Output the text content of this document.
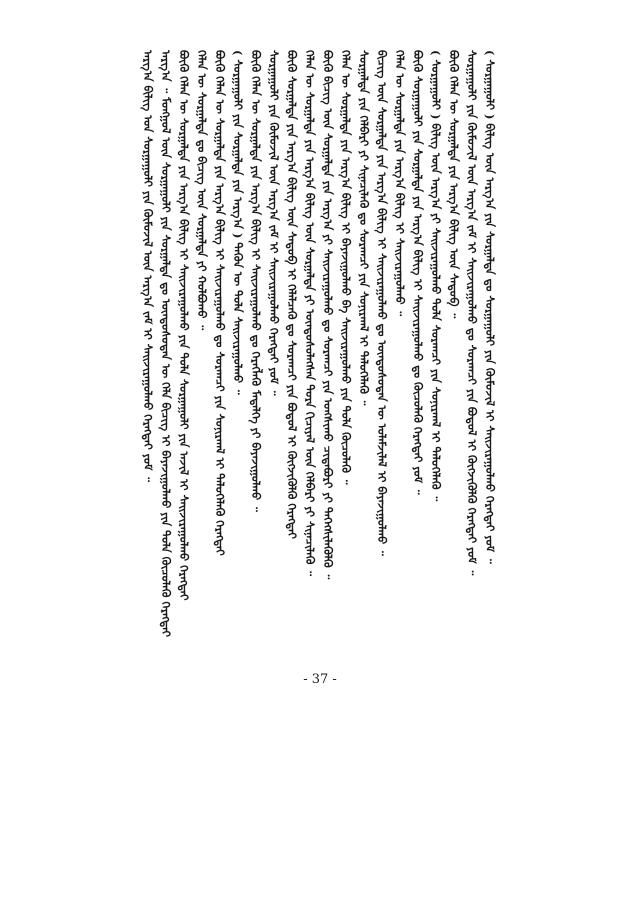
ᠠᠷᠭ᠎ᠠ ᠪᠢᠯᠢᠭ ᠤᠨ ᠰᠤᠷᠭᠠᠭᠤᠯᠢ ᠶᠢᠨ ᠬᠦᠮᠦᠵᠢᠯ ᠦᠨ ᠠᠷᠭ᠎ᠠ ᠵᠠᠮ ᠢ ᠰᠠᠢᠵᠢᠷᠠᠭᠤᠯᠬᠤ ᠬᠡᠷᠡᠭᠲᠡᠢ ᠶᠤᠮ ᠃ ᠠᠷᠭ᠎ᠠ ᠃ ᠮᠣᠩᠭᠣᠯ ᠦᠨ ᠰᠤᠷᠭᠠᠭᠤᠯᠢ ᠶᠢᠨ ᠰᠤᠷᠭᠠᠯᠲᠠ ᠳᠤ ᠦᠨᠳᠦᠰᠦᠲᠡᠨ ᠦ ᠬᠡᠯᠡ ᠪᠢᠴᠢᠭ ᠢ ᠪᠠᠶᠠᠵᠢᠭᠤᠯᠬᠤ ᠶᠢᠨ ᠲᠤᠯᠠ ᠬᠦᠴᠦᠯᠡᠬᠦ ᠬᠡᠷᠡᠭᠲᠡᠢ ᠪᠦᠬᠦ ᠬᠡᠯᠡᠨ ᠦ ᠰᠤᠷᠭᠠᠯᠲᠠ ᠶᠢᠨ ᠠᠷᠭ᠎ᠠ ᠪᠢᠯᠢᠭ ᠢ ᠰᠠᠢᠵᠢᠷᠠᠭᠤᠯᠬᠤ ᠶᠢᠨ ᠲᠤᠯᠠ ᠰᠤᠷᠭᠠᠭᠤᠯᠢ ᠶᠢᠨ ᠠᠵᠢᠯ ᠢ ᠰᠠᠢᠵᠢᠷᠠᠭᠤᠯᠬᠤ ᠬᠡᠷᠡᠭᠲᠡᠢ ᠬᠡᠯᠡᠨ ᠦ ᠰᠤᠷᠭᠠᠯᠲᠠ ᠳᠤ ᠪᠢᠴᠢᠭ ᠦᠨ ᠰᠤᠷᠭᠠᠯᠲᠠ ᠶᠢ ᠬᠣᠯᠪᠤᠬᠤ ᠃ ᠪᠦᠬᠦ ᠬᠡᠯᠡᠨ ᠦ ᠰᠤᠷᠭᠠᠯᠲᠠ ᠶᠢᠨ ᠠᠷᠭ᠎ᠠ ᠪᠢᠯᠢᠭ ᠢ ᠰᠠᠢᠵᠢᠷᠠᠭᠤᠯᠬᠤ ᠳᠤ ᠰᠤᠷᠠᠭᠴᠢ ᠶᠢᠨ ᠰᠣᠨᠢᠷᠬᠠᠯ ᠢ ᠲᠡᠯᠦᠭᠡᠯᠡᠬᠦ ᠬᠡᠷᠡᠭᠲᠡᠢ ( ᠰᠤᠷᠭᠠᠭᠤᠯᠢ ᠶᠢᠨ ᠰᠤᠷᠭᠠᠯᠲᠠ ᠶᠢᠨ ᠠᠷᠭ᠎ᠠ ) ᠲᠡᠭᠦᠨ ᠦ ᠲᠤᠯᠠ ᠰᠠᠢᠵᠢᠷᠠᠭᠤᠯᠬᠤ ᠃ ᠪᠦᠬᠦ ᠬᠡᠯᠡᠨ ᠦ ᠰᠤᠷᠭᠠᠯᠲᠠ ᠶᠢᠨ ᠠᠷᠭ᠎ᠠ ᠪᠢᠯᠢᠭ ᠢ ᠰᠠᠢᠵᠢᠷᠠᠭᠤᠯᠬᠤ ᠳᠤ ᠬᠡᠷᠡᠭᠯᠡᠬᠦ ᠮᠡᠳᠡᠯᠭᠡ ᠶᠢ ᠪᠠᠶᠠᠵᠢᠭᠤᠯᠬᠤ ᠃ ᠰᠤᠷᠭᠠᠭᠤᠯᠢ ᠶᠢᠨ ᠬᠦᠮᠦᠵᠢᠯ ᠦᠨ ᠠᠷᠭ᠎ᠠ ᠵᠠᠮ ᠢ ᠰᠠᠢᠵᠢᠷᠠᠭᠤᠯᠬᠤ ᠬᠡᠷᠡᠭᠲᠡᠢ ᠶᠤᠮ ᠃ ᠪᠦᠬᠦ ᠰᠤᠷᠭᠠᠯᠲᠠ ᠶᠢᠨ ᠠᠷᠭ᠎ᠠ ᠪᠢᠯᠢᠭ ᠦᠨ ᠰᠡᠳᠦᠪ ᠢ ᠬᠡᠯᠡᠯᠴᠡᠬᠦ ᠳᠤ ᠰᠤᠷᠠᠭᠴᠢ ᠶᠢᠨ ᠪᠣᠳᠤᠯ ᠢ ᠬᠥᠭᠵᠢᠭᠦᠯᠬᠦ ᠬᠡᠷᠡᠭᠲᠡᠢ ᠬᠡᠯᠡᠨ ᠦ ᠰᠤᠷᠭᠠᠯᠲᠠ ᠶᠢᠨ ᠠᠷᠭ᠎ᠠ ᠪᠢᠯᠢᠭ ᠦᠨ ᠰᠤᠷᠭᠠᠯᠲᠠ ᠶᠢ ᠦᠨᠳᠦᠰᠦᠯᠡᠭᠰᠡᠨ ᠲᠣᠷᠠ ᠬᠢᠴᠢᠶᠡᠯ ᠦᠨ ᠬᠡᠯᠪᠡᠷᠢ ᠶᠢ ᠰᠢᠨᠡᠴᠢᠯᠡᠬᠦ ᠃ ᠪᠦᠬᠦ ᠪᠢᠴᠢᠭ ᠦᠨ ᠰᠤᠷᠭᠠᠯᠲᠠ ᠶᠢᠨ ᠠᠷᠭ᠎ᠠ ᠶᠢ ᠰᠠᠢᠵᠢᠷᠠᠭᠤᠯᠬᠤ ᠳᠤ ᠰᠤᠷᠠᠭᠴᠢ ᠶᠢᠨ ᠤᠩᠰᠢᠬᠤ ᠴᠢᠳᠠᠪᠤᠷᠢ ᠶᠢ ᠳᠡᠭᠡᠭᠰᠢᠯᠡᠭᠦᠯᠬᠦ ᠃ ᠬᠡᠯᠡᠨ ᠦ ᠰᠤᠷᠭᠠᠯᠲᠠ ᠶᠢᠨ ᠠᠷᠭ᠎ᠠ ᠪᠢᠯᠢᠭ ᠢ ᠪᠠᠶᠠᠵᠢᠭᠤᠯᠬᠤ ᠪᠠ ᠰᠠᠢᠵᠢᠷᠠᠭᠤᠯᠬᠤ ᠶᠢᠨ ᠲᠤᠯᠠ ᠬᠦᠴᠦᠯᠡᠬᠦ ᠃ ᠰᠤᠷᠭᠠᠯᠲᠠ ᠶᠢᠨ ᠬᠡᠯᠪᠡᠷᠢ ᠶᠢ ᠰᠢᠨᠡᠴᠢᠯᠡᠬᠦ ᠳᠤ ᠰᠤᠷᠠᠭᠴᠢ ᠶᠢᠨ ᠰᠣᠨᠢᠷᠬᠠᠯ ᠢ ᠲᠡᠯᠦᠭᠡᠯᠡᠬᠦ ᠃ ᠪᠢᠴᠢᠭ ᠦᠨ ᠰᠤᠷᠭᠠᠯᠲᠠ ᠶᠢᠨ ᠠᠷᠭ᠎ᠠ ᠪᠢᠯᠢᠭ ᠢ ᠰᠠᠢᠵᠢᠷᠠᠭᠤᠯᠬᠤ ᠳᠤ ᠦᠨᠳᠦᠰᠦᠲᠡᠨ ᠦ ᠤᠯᠠᠮᠵᠢᠯᠠᠯ ᠢ ᠪᠠᠶᠠᠵᠢᠭᠤᠯᠬᠤ ᠃ ᠬᠡᠯᠡᠨ ᠦ ᠰᠤᠷᠭᠠᠯᠲᠠ ᠶᠢᠨ ᠠᠷᠭ᠎ᠠ ᠪᠢᠯᠢᠭ ᠢ ᠰᠠᠢᠵᠢᠷᠠᠭᠤᠯᠬᠤ ᠃ ᠪᠦᠬᠦ ᠰᠤᠷᠭᠠᠭᠤᠯᠢ ᠶᠢᠨ ᠰᠤᠷᠭᠠᠯᠲᠠ ᠶᠢᠨ ᠠᠷᠭ᠎ᠠ ᠪᠢᠯᠢᠭ ᠢ ᠰᠠᠢᠵᠢᠷᠠᠭᠤᠯᠬᠤ ᠳᠤ ᠬᠦᠴᠦᠯᠡᠬᠦ ᠬᠡᠷᠡᠭᠲᠡᠢ ᠶᠤᠮ ᠃ ( ᠰᠤᠷᠭᠠᠭᠤᠯᠢ ) ᠪᠢᠯᠢᠭ ᠦᠨ ᠠᠷᠭ᠎ᠠ ᠶᠢ ᠰᠠᠢᠵᠢᠷᠠᠭᠤᠯᠬᠤ ᠲᠤᠯᠠ ᠰᠤᠷᠠᠭᠴᠢ ᠶᠢᠨ ᠰᠣᠨᠢᠷᠬᠠᠯ ᠢ ᠲᠡᠯᠦᠭᠡᠯᠡᠬᠦ ᠃ ᠪᠦᠬᠦ ᠬᠡᠯᠡᠨ ᠦ ᠰᠤᠷᠭᠠᠯᠲᠠ ᠶᠢᠨ ᠠᠷᠭ᠎ᠠ ᠪᠢᠯᠢᠭ ᠦᠨ ᠰᠡᠳᠦᠪ ᠃ ᠰᠤᠷᠭᠠᠭᠤᠯᠢ ᠶᠢᠨ ᠬᠦᠮᠦᠵᠢᠯ ᠦᠨ ᠠᠷᠭ᠎ᠠ ᠵᠠᠮ ᠢ ᠰᠠᠢᠵᠢᠷᠠᠭᠤᠯᠬᠤ ᠳᠤ ᠰᠤᠷᠠᠭᠴᠢ ᠶᠢᠨ ᠪᠣᠳᠤᠯ ᠢ ᠬᠥᠭᠵᠢᠭᠦᠯᠬᠦ ᠬᠡᠷᠡᠭᠲᠡᠢ ᠶᠤᠮ ᠃ ( ᠰᠤᠷᠭᠠᠭᠤᠯᠢ ) ᠪᠢᠯᠢᠭ ᠦᠨ ᠠᠷᠭ᠎ᠠ ᠶᠢᠨ ᠰᠤᠷᠭᠠᠯᠲᠠ ᠳᠤ ᠰᠤᠷᠭᠠᠭᠤᠯᠢ ᠶᠢᠨ ᠬᠦᠮᠦᠵᠢᠯ ᠢ ᠰᠠᠢᠵᠢᠷᠠᠭᠤᠯᠬᠤ ᠬᠡᠷᠡᠭᠲᠡᠢ ᠶᠤᠮ ᠃
- 37 -
